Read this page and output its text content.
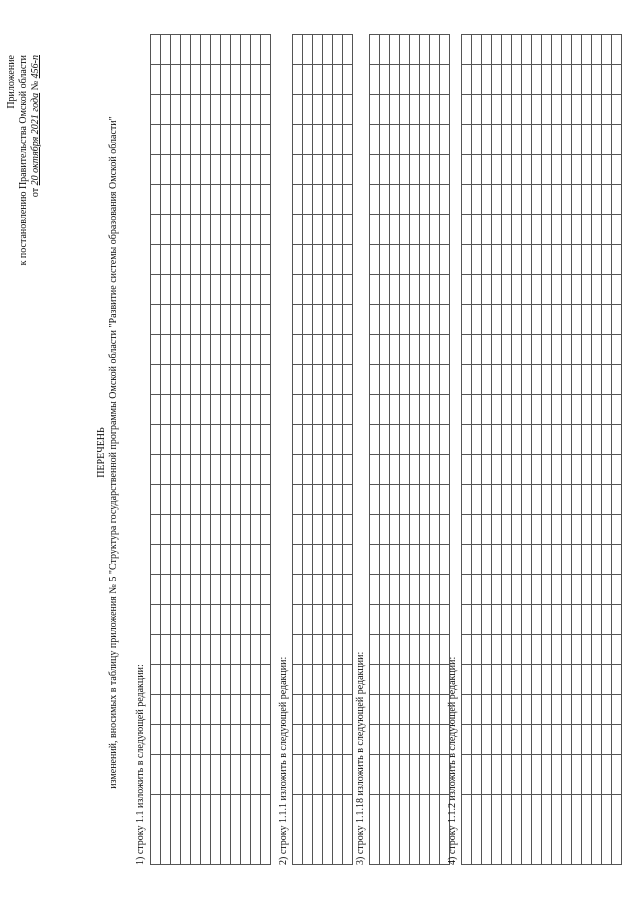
Приложение к постановлению Правительства Омской области от 20 октября 2021 года № 456-п
ПЕРЕЧЕНЬ изменений, вносимых в таблицу приложения № 5 "Структура государственной программы Омской области "Развитие системы образования Омской области" 1) строку 1.1 изложить в следующей редакции:

																										2) строку 1.1.1 изложить в следующей редакции:

																										3) строку 1.1.18 изложить в следующей редакции:

																										4) строку 1.1.2 изложить в следующей редакции:
